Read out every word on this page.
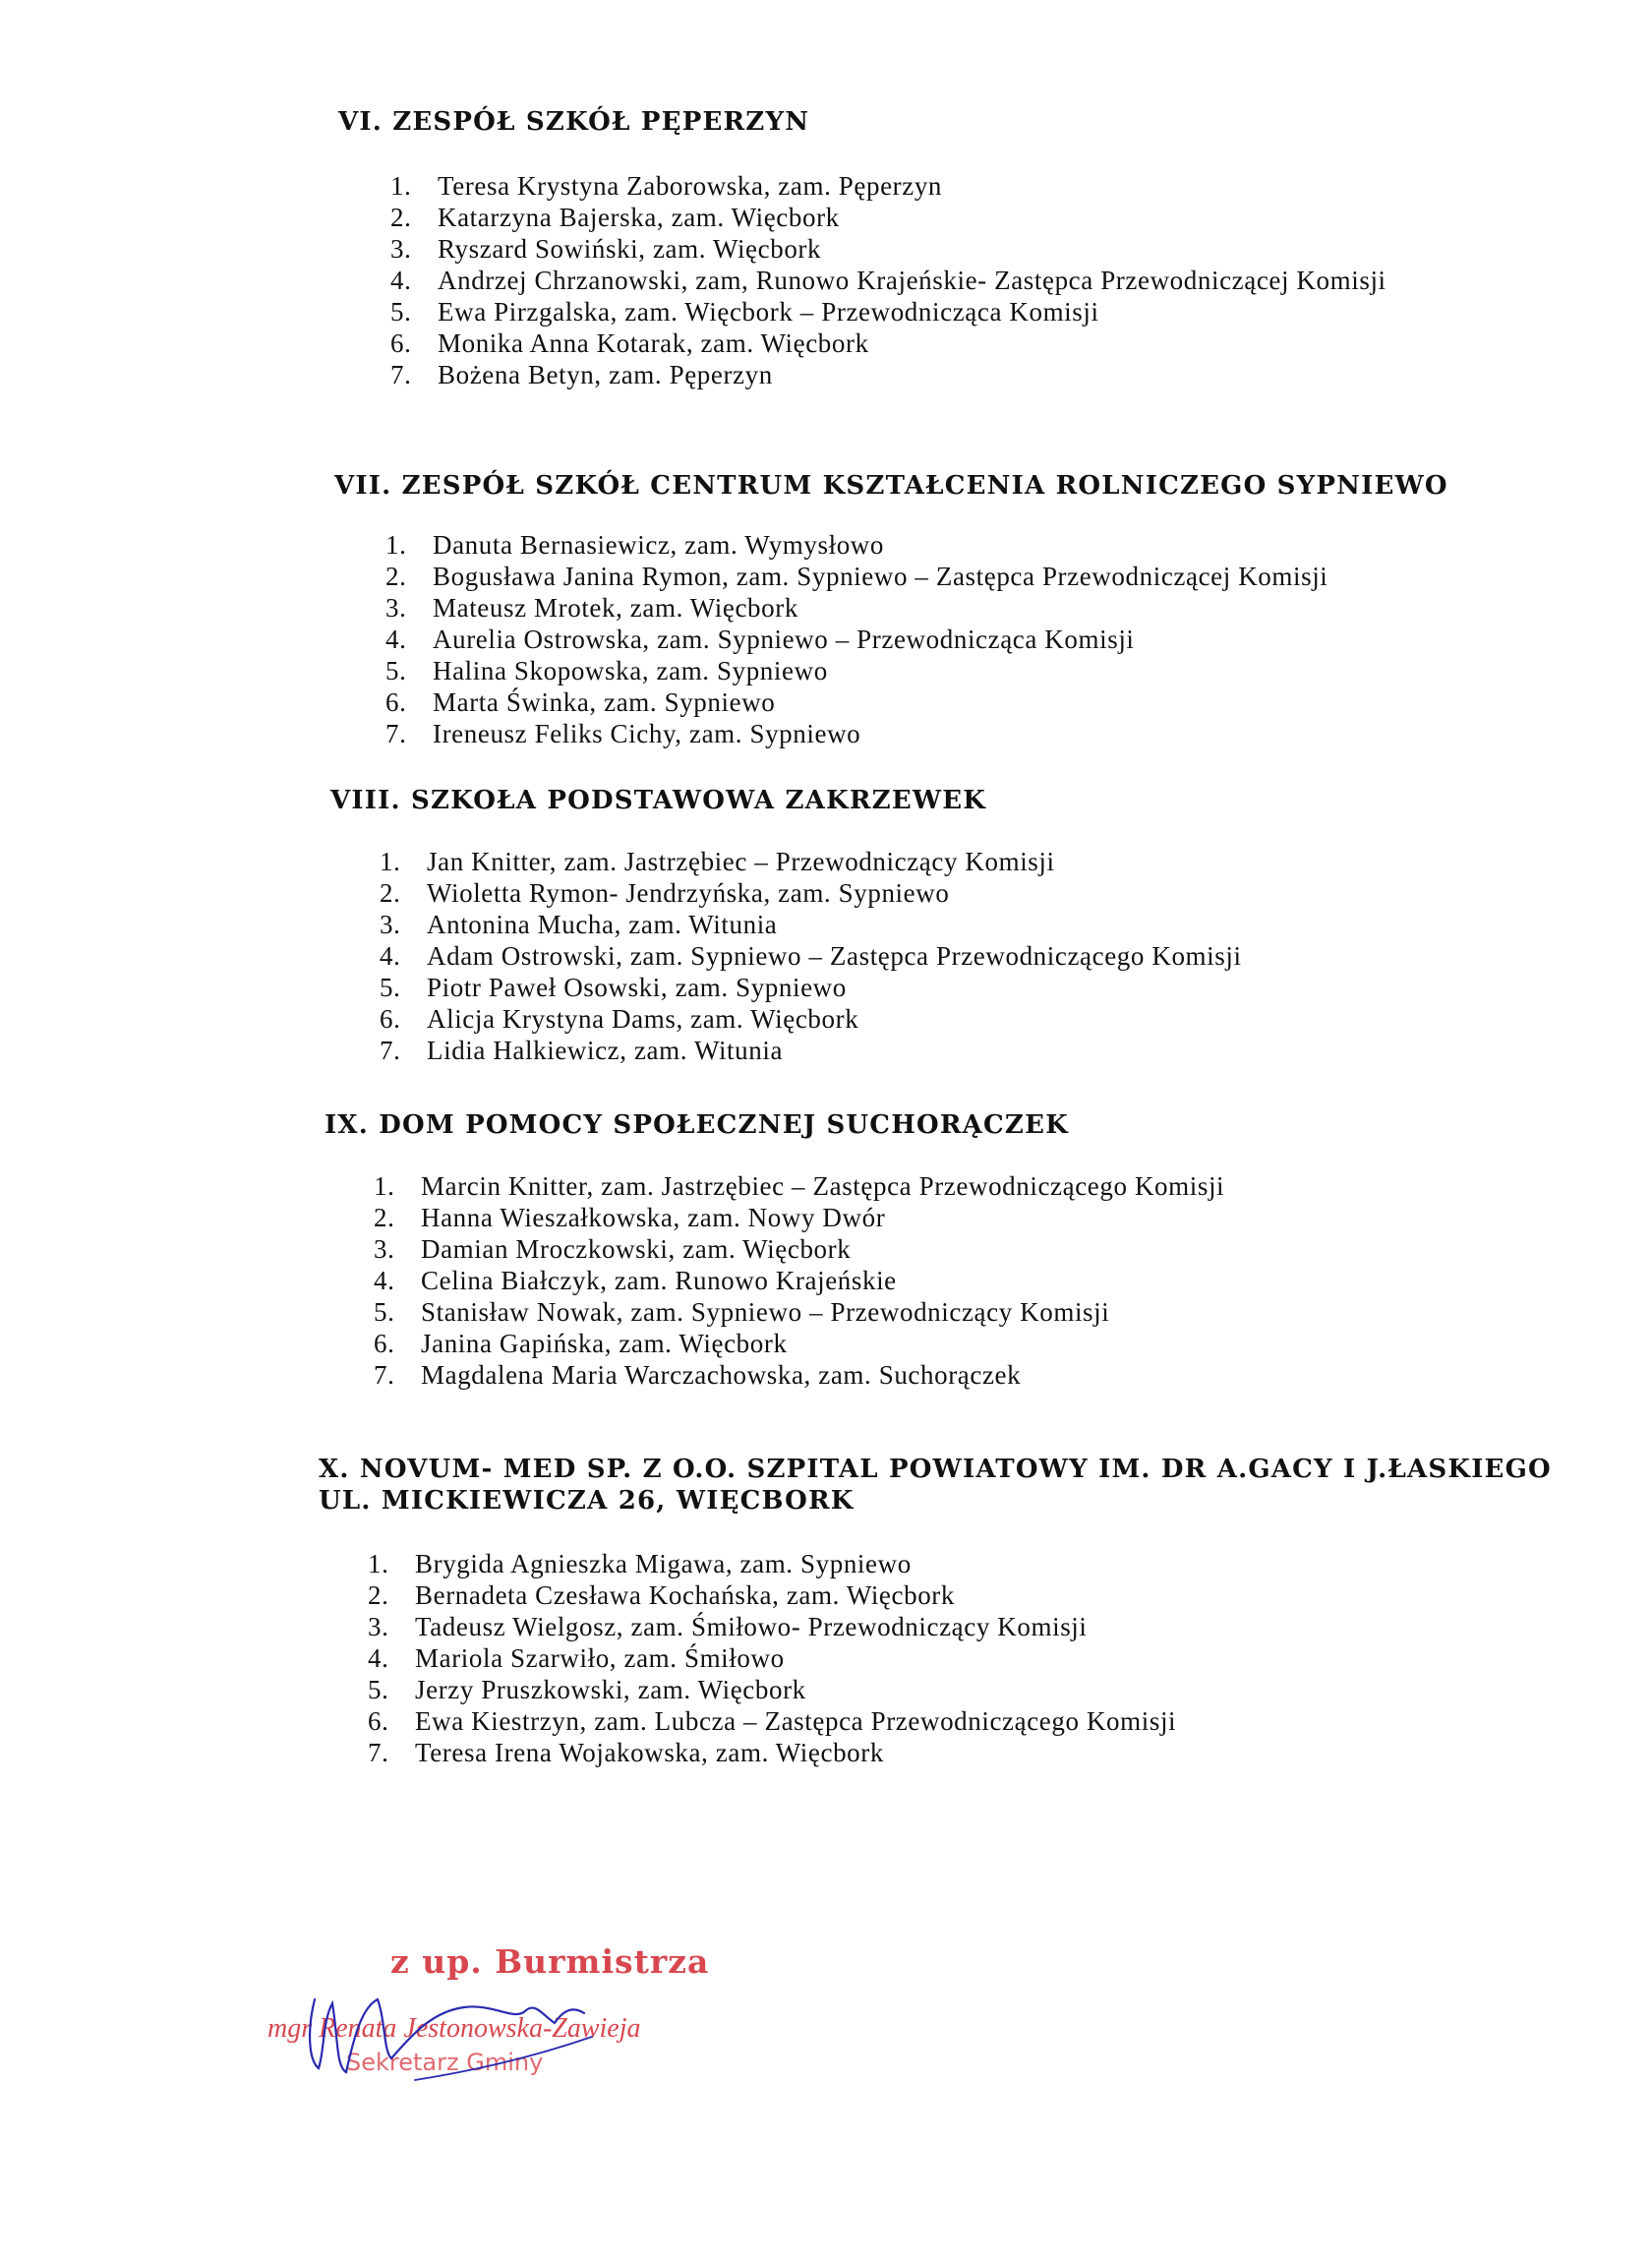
VI. ZESPÓŁ SZKÓŁ PĘPERZYN
1. Teresa Krystyna Zaborowska, zam. Pęperzyn
2. Katarzyna Bajerska, zam. Więcbork
3. Ryszard Sowiński, zam. Więcbork
4. Andrzej Chrzanowski, zam, Runowo Krajeńskie- Zastępca Przewodniczącej Komisji
5. Ewa Pirzgalska, zam. Więcbork – Przewodnicząca Komisji
6. Monika Anna Kotarak, zam. Więcbork
7. Bożena Betyn, zam. Pęperzyn
VII. ZESPÓŁ SZKÓŁ CENTRUM KSZTAŁCENIA ROLNICZEGO SYPNIEWO
1. Danuta Bernasiewicz, zam. Wymysłowo
2. Bogusława Janina Rymon, zam. Sypniewo – Zastępca Przewodniczącej Komisji
3. Mateusz Mrotek, zam. Więcbork
4. Aurelia Ostrowska, zam. Sypniewo – Przewodnicząca Komisji
5. Halina Skopowska, zam. Sypniewo
6. Marta Świnka, zam. Sypniewo
7. Ireneusz Feliks Cichy, zam. Sypniewo
VIII. SZKOŁA PODSTAWOWA ZAKRZEWEK
1. Jan Knitter, zam. Jastrzębiec – Przewodniczący Komisji
2. Wioletta Rymon- Jendrzyńska, zam. Sypniewo
3. Antonina Mucha, zam. Witunia
4. Adam Ostrowski, zam. Sypniewo – Zastępca Przewodniczącego Komisji
5. Piotr Paweł Osowski, zam. Sypniewo
6. Alicja Krystyna Dams, zam. Więcbork
7. Lidia Halkiewicz, zam. Witunia
IX. DOM POMOCY SPOŁECZNEJ SUCHORĄCZEK
1. Marcin Knitter, zam. Jastrzębiec – Zastępca Przewodniczącego Komisji
2. Hanna Wieszałkowska, zam. Nowy Dwór
3. Damian Mroczkowski, zam. Więcbork
4. Celina Białczyk, zam. Runowo Krajeńskie
5. Stanisław Nowak, zam. Sypniewo – Przewodniczący Komisji
6. Janina Gapińska, zam. Więcbork
7. Magdalena Maria Warczachowska, zam. Suchorączek
X. NOVUM- MED SP. Z O.O. SZPITAL POWIATOWY IM. DR A.GACY I J.ŁASKIEGO UL. MICKIEWICZA 26, WIĘCBORK
1. Brygida Agnieszka Migawa, zam. Sypniewo
2. Bernadeta Czesława Kochańska, zam. Więcbork
3. Tadeusz Wielgosz, zam. Śmiłowo- Przewodniczący Komisji
4. Mariola Szarwiło, zam. Śmiłowo
5. Jerzy Pruszkowski, zam. Więcbork
6. Ewa Kiestrzyn, zam. Lubcza – Zastępca Przewodniczącego Komisji
7. Teresa Irena Wojakowska, zam. Więcbork
z up. Burmistrza
mgr Renata Jestonowska-Zawieja
Sekretarz Gminy
